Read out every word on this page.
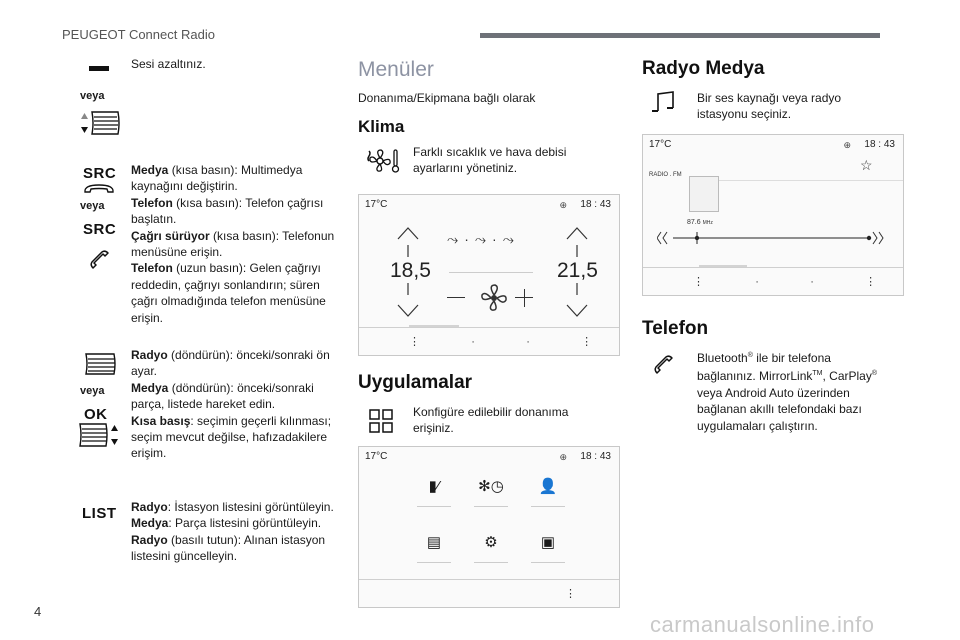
PEUGEOT Connect Radio
4
carmanualsonline.info
veya
Sesi azaltınız.
SRC
veya
SRC
Medya (kısa basın): Multimedya kaynağını değiştirin.
Telefon (kısa basın): Telefon çağrısı başlatın.
Çağrı sürüyor (kısa basın): Telefonun menüsüne erişin.
Telefon (uzun basın): Gelen çağrıyı reddedin, çağrıyı sonlandırın; süren çağrı olmadığında telefon menüsüne erişin.
veya
OK
Radyo (döndürün): önceki/sonraki ön ayar.
Medya (döndürün): önceki/sonraki parça, listede hareket edin.
Kısa basış: seçimin geçerli kılınması; seçim mevcut değilse, hafızadakilere erişim.
LIST Radyo: İstasyon listesini görüntüleyin.
Medya: Parça listesini görüntüleyin.
Radyo (basılı tutun): Alınan istasyon listesini güncelleyin.
Menüler
Donanıma/Ekipmana bağlı olarak
Klima
Farklı sıcaklık ve hava debisi ayarlarını yönetiniz.
17°C	⊕ 18 : 43
18,5	21,5
⤳·⤳·⤳
⋮     ·     ·     ⋮
Uygulamalar
Konfigüre edilebilir donanıma erişiniz.
17°C	⊕ 18 : 43
▮⁄	✻◷	👤
▤	⚙	▣
⋮
Radyo Medya
Bir ses kaynağı veya radyo istasyonu seçiniz.
17°C	⊕ 18 : 43
☆
RADIO . FM
87.6 MHz
⋮     ·     ·     ⋮
Telefon
Bluetooth® ile bir telefona bağlanınız. MirrorLink™, CarPlay® veya Android Auto üzerinden bağlanan akıllı telefondaki bazı uygulamaları çalıştırın.
